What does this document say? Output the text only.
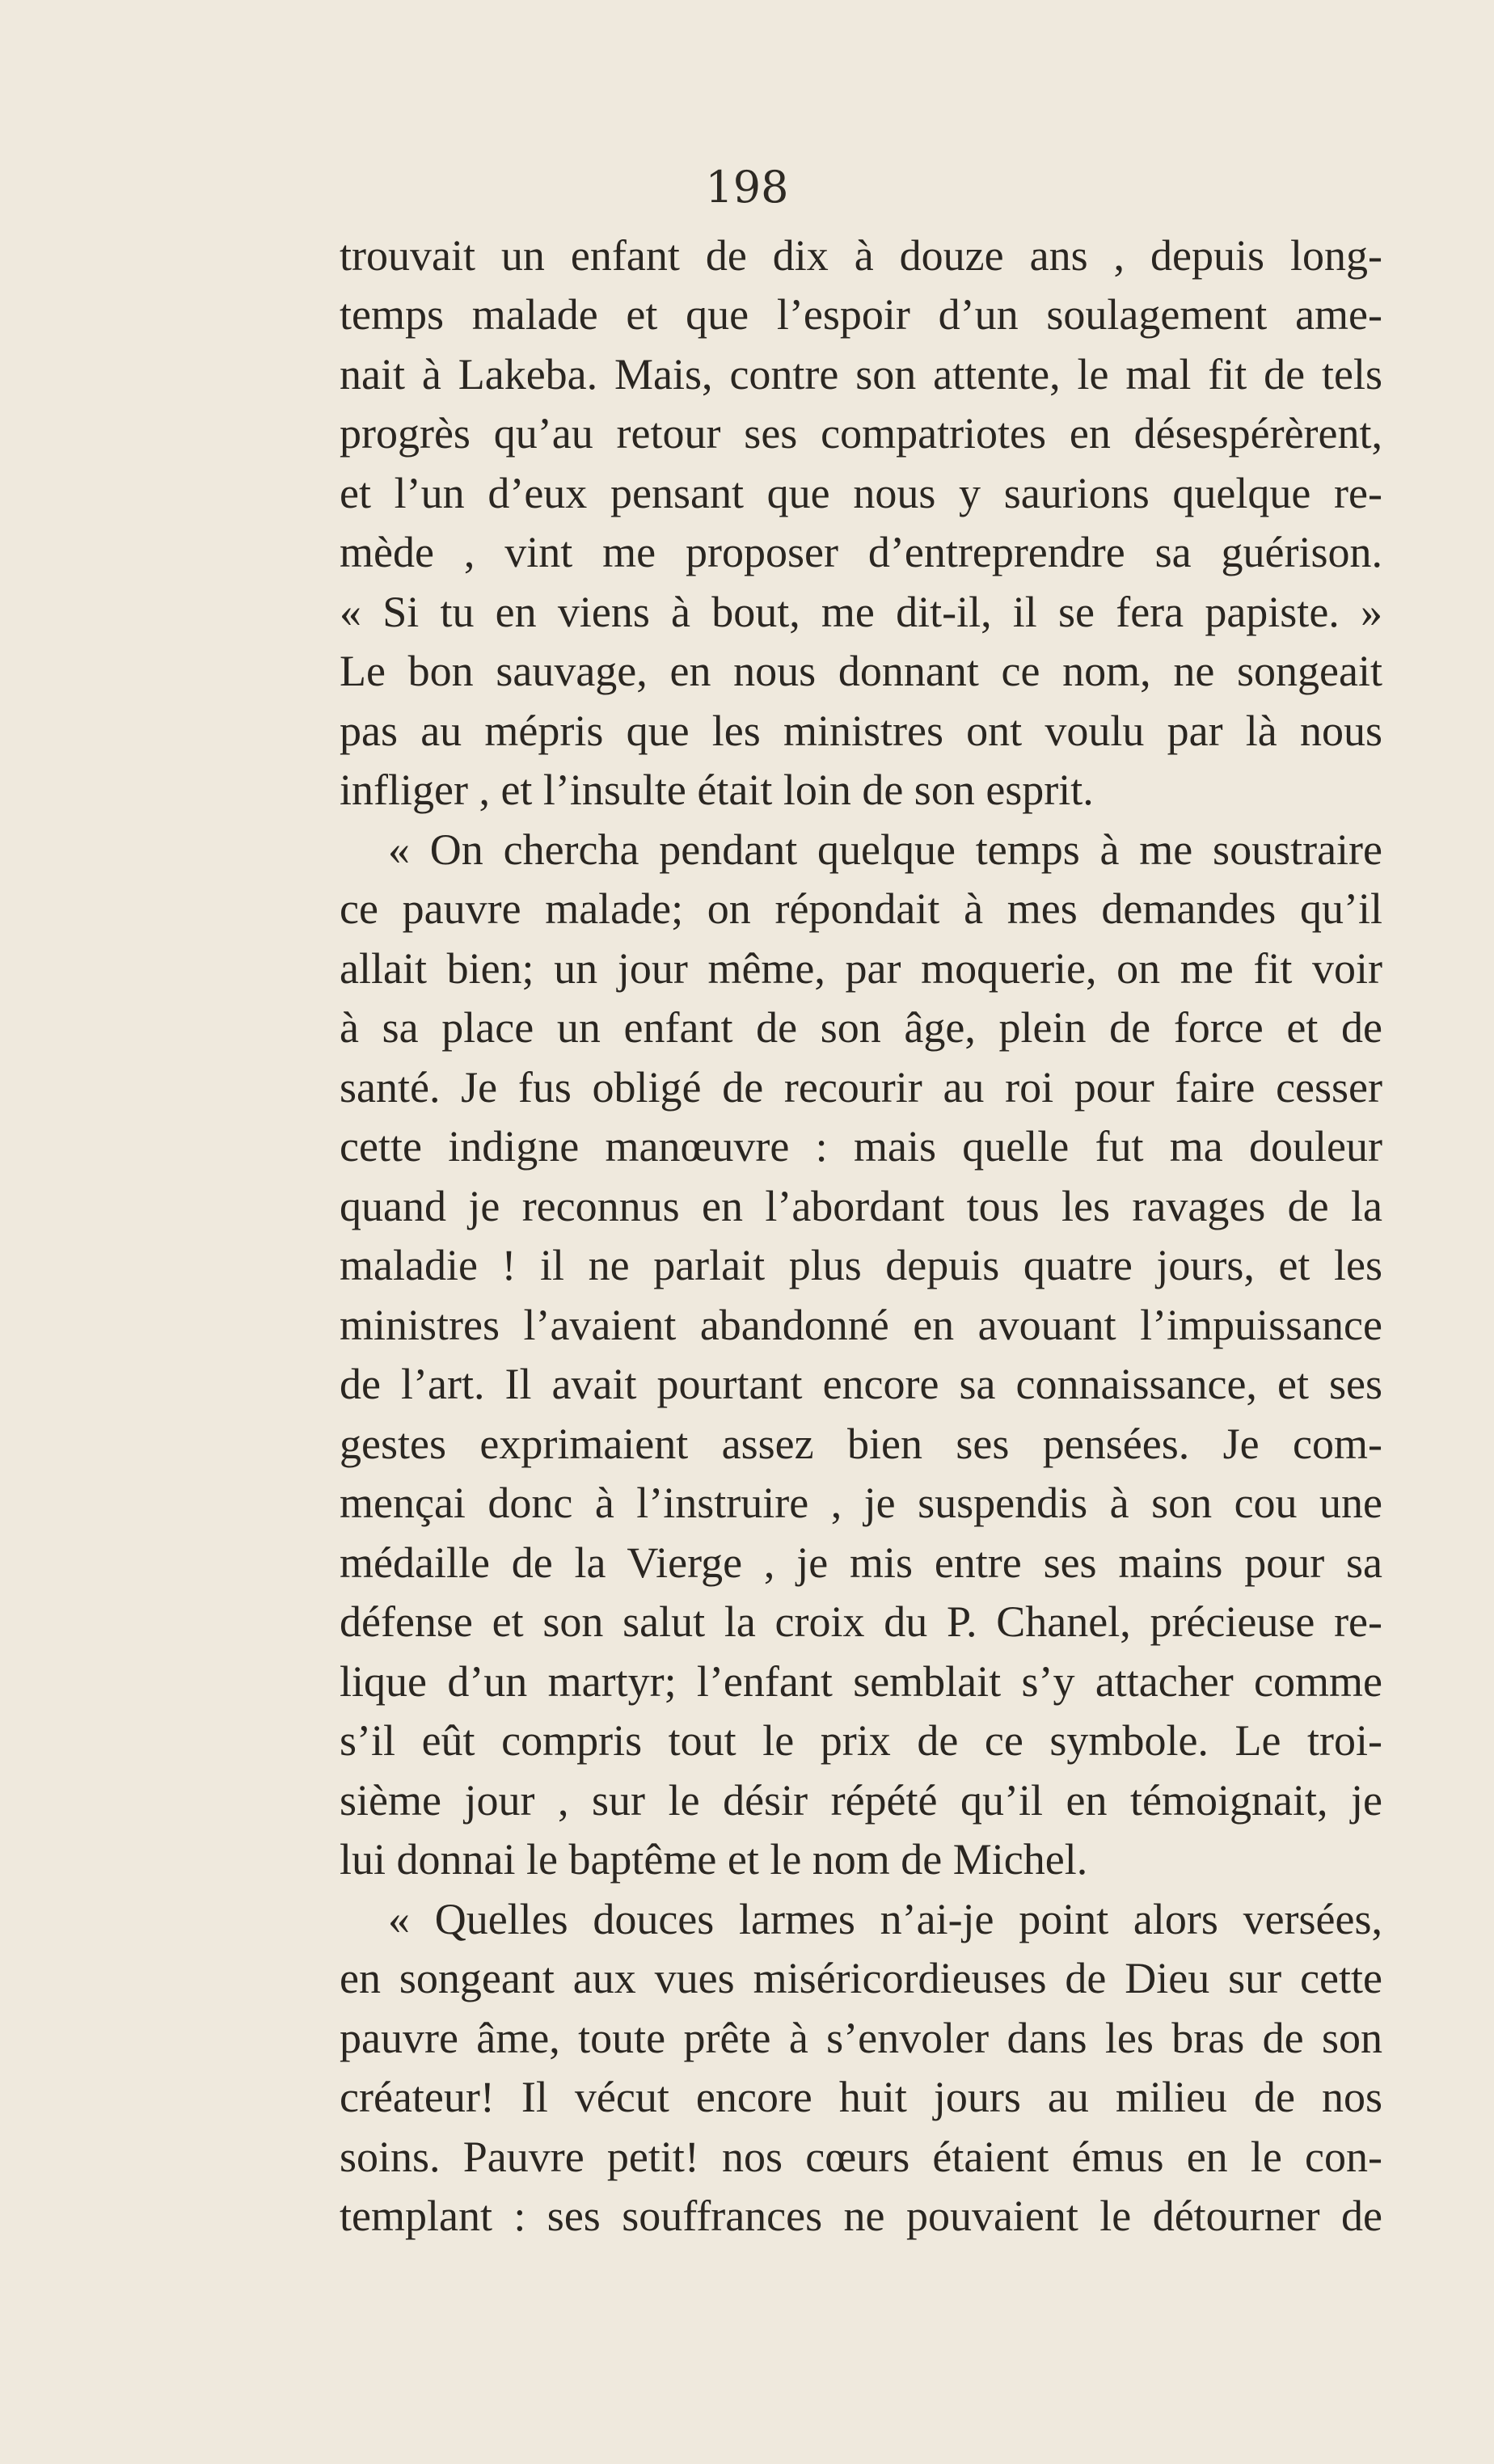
198
trouvait un enfant de dix à douze ans , depuis long-
temps malade et que l’espoir d’un soulagement ame-
nait à Lakeba. Mais, contre son attente, le mal fit de tels
progrès qu’au retour ses compatriotes en désespérèrent,
et l’un d’eux pensant que nous y saurions quelque re-
mède , vint me proposer d’entreprendre sa guérison.
« Si tu en viens à bout, me dit-il, il se fera papiste. »
Le bon sauvage, en nous donnant ce nom, ne songeait
pas au mépris que les ministres ont voulu par là nous
infliger , et l’insulte était loin de son esprit.
« On chercha pendant quelque temps à me soustraire
ce pauvre malade; on répondait à mes demandes qu’il
allait bien; un jour même, par moquerie, on me fit voir
à sa place un enfant de son âge, plein de force et de
santé. Je fus obligé de recourir au roi pour faire cesser
cette indigne manœuvre : mais quelle fut ma douleur
quand je reconnus en l’abordant tous les ravages de la
maladie ! il ne parlait plus depuis quatre jours, et les
ministres l’avaient abandonné en avouant l’impuissance
de l’art. Il avait pourtant encore sa connaissance, et ses
gestes exprimaient assez bien ses pensées. Je com-
mençai donc à l’instruire , je suspendis à son cou une
médaille de la Vierge , je mis entre ses mains pour sa
défense et son salut la croix du P. Chanel, précieuse re-
lique d’un martyr; l’enfant semblait s’y attacher comme
s’il eût compris tout le prix de ce symbole. Le troi-
sième jour , sur le désir répété qu’il en témoignait, je
lui donnai le baptême et le nom de Michel.
« Quelles douces larmes n’ai-je point alors versées,
en songeant aux vues miséricordieuses de Dieu sur cette
pauvre âme, toute prête à s’envoler dans les bras de son
créateur! Il vécut encore huit jours au milieu de nos
soins. Pauvre petit! nos cœurs étaient émus en le con-
templant : ses souffrances ne pouvaient le détourner de
